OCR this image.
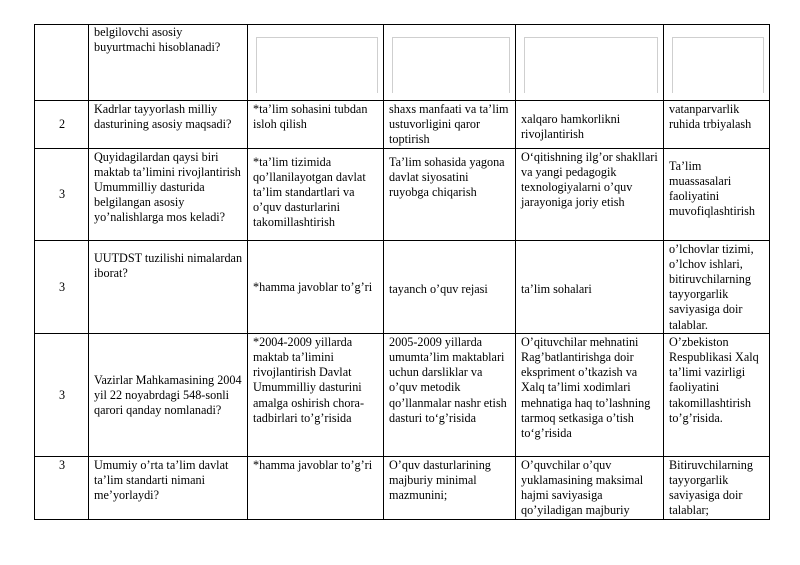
	belgilovchi asosiy buyurtmachi hisoblanadi?	

2	Kadrlar tayyorlash milliy dasturining asosiy maqsadi?	*ta’lim sohasini tubdan isloh qilish	shaxs manfaati va ta’lim ustuvorligini qaror toptirish	xalqaro hamkorlikni rivojlantirish	vatanparvarlik ruhida trbiyalash
3	Quyidagilardan qaysi biri maktab ta’limini rivojlantirish Umummilliy dasturida belgilangan asosiy yo’nalishlarga mos keladi?	*ta’lim tizimida qo’llanilayotgan davlat ta’lim standartlari va o’quv dasturlarini takomillashtirish	Ta’lim sohasida yagona davlat siyosatini ruyobga chiqarish	O‘qitishning ilg’or shakllari va yangi pedagogik texnologiyalarni o’quv jarayoniga joriy etish	Ta’lim muassasalari faoliyatini muvofiqlashtirish
3	UUTDST tuzilishi nimalardan iborat?	*hamma javoblar to’g’ri	tayanch o’quv rejasi	ta’lim sohalari	o’lchovlar tizimi, o’lchov ishlari, bitiruvchilarning tayyorgarlik saviyasiga doir talablar.
3	Vazirlar Mahkamasining 2004 yil 22 noyabrdagi 548-sonli qarori qanday nomlanadi?	*2004-2009 yillarda maktab ta’limini rivojlantirish Davlat Umummilliy dasturini amalga oshirish chora-tadbirlari to’g’risida	2005-2009 yillarda umumta’lim maktablari uchun darsliklar va o’quv metodik qo’llanmalar nashr etish dasturi to‘g’risida	O’qituvchilar mehnatini Rag’batlantirishga doir ekspriment o’tkazish va Xalq ta’limi xodimlari mehnatiga haq to’lashning tarmoq setkasiga o’tish to‘g’risida	O’zbekiston Respublikasi Xalq ta’limi vazirligi faoliyatini takomillashtirish to’g’risida.
3	Umumiy o’rta ta’lim davlat ta’lim standarti nimani me’yorlaydi?	*hamma javoblar to’g’ri	O’quv dasturlarining majburiy minimal mazmunini;	O’quvchilar o’quv yuklamasining maksimal hajmi saviyasiga qo’yiladigan majburiy	Bitiruvchilarning tayyorgarlik saviyasiga doir talablar;
